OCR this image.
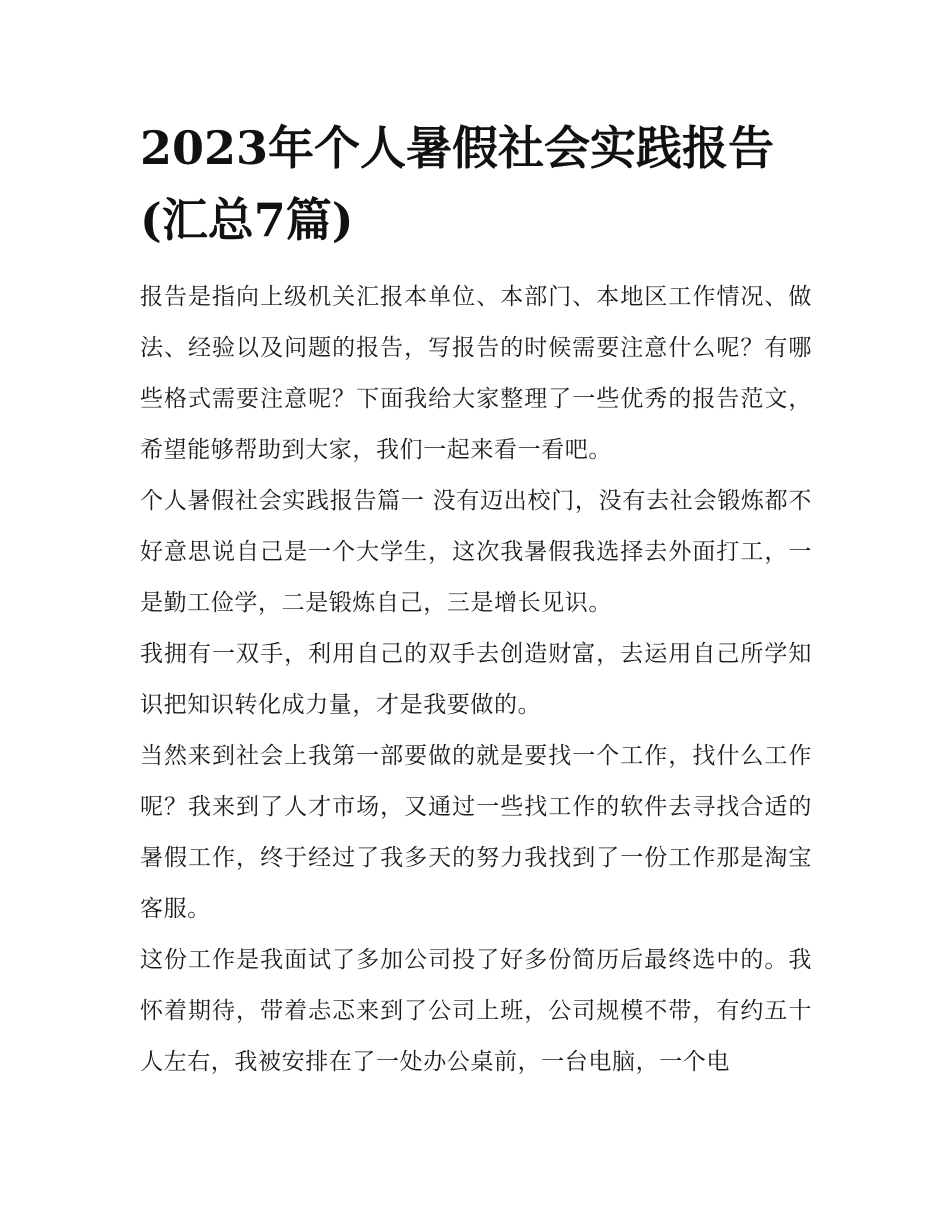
2023年个人暑假社会实践报告(汇总7篇)

报告是指向上级机关汇报本单位、本部门、本地区工作情况、做法、经验以及问题的报告，写报告的时候需要注意什么呢？有哪些格式需要注意呢？下面我给大家整理了一些优秀的报告范文，希望能够帮助到大家，我们一起来看一看吧。

个人暑假社会实践报告篇一 没有迈出校门，没有去社会锻炼都不好意思说自己是一个大学生，这次我暑假我选择去外面打工，一是勤工俭学，二是锻炼自己，三是增长见识。

我拥有一双手，利用自己的双手去创造财富，去运用自己所学知识把知识转化成力量，才是我要做的。

当然来到社会上我第一部要做的就是要找一个工作，找什么工作呢？我来到了人才市场，又通过一些找工作的软件去寻找合适的暑假工作，终于经过了我多天的努力我找到了一份工作那是淘宝客服。

这份工作是我面试了多加公司投了好多份简历后最终选中的。我怀着期待，带着忐忑来到了公司上班，公司规模不带，有约五十人左右，我被安排在了一处办公桌前，一台电脑，一个电
